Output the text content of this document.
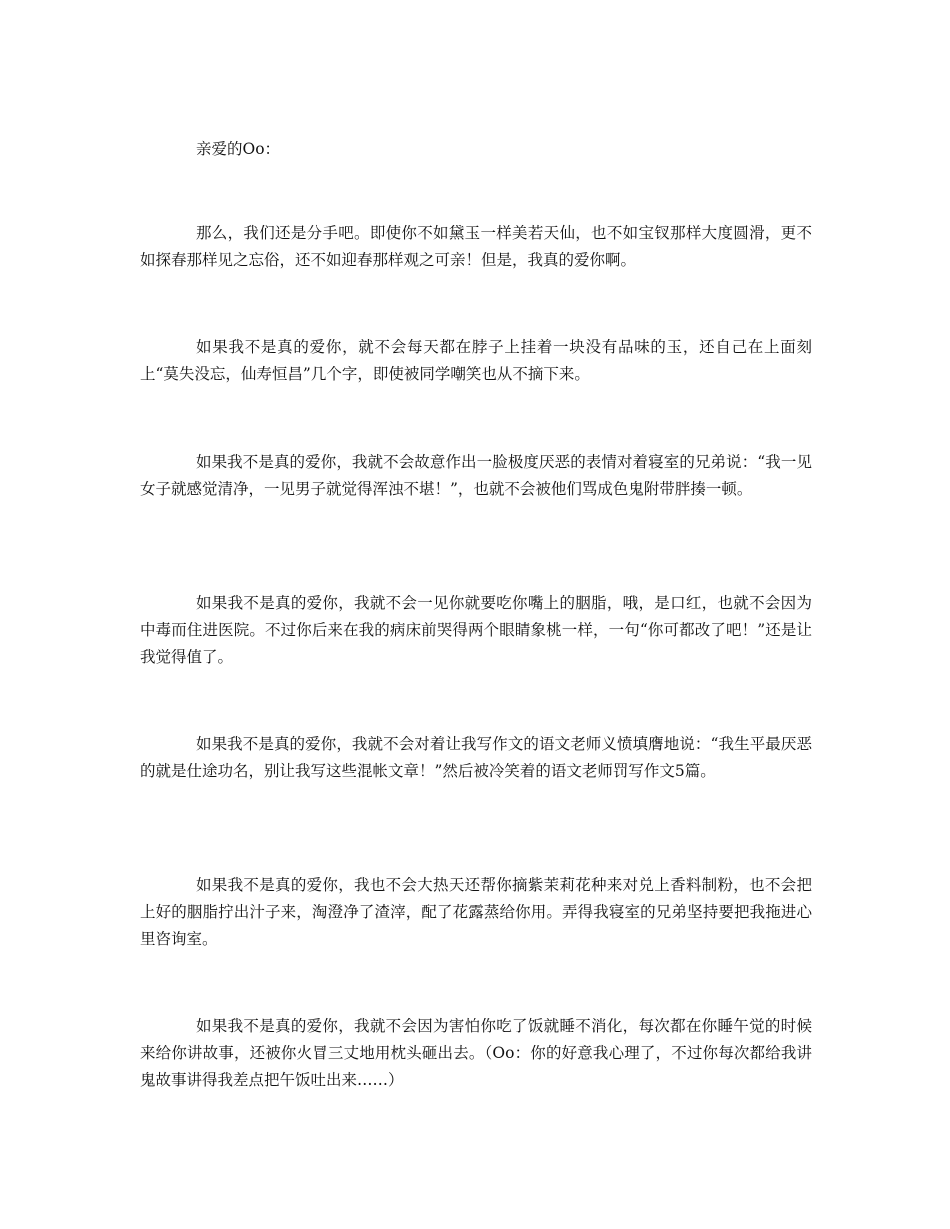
亲爱的Oo：

那么，我们还是分手吧。即使你不如黛玉一样美若天仙，也不如宝钗那样大度圆滑，更不如探春那样见之忘俗，还不如迎春那样观之可亲！但是，我真的爱你啊。

如果我不是真的爱你，就不会每天都在脖子上挂着一块没有品味的玉，还自己在上面刻上“莫失没忘，仙寿恒昌”几个字，即使被同学嘲笑也从不摘下来。

如果我不是真的爱你，我就不会故意作出一脸极度厌恶的表情对着寝室的兄弟说：“我一见女子就感觉清净，一见男子就觉得浑浊不堪！”，也就不会被他们骂成色鬼附带胖揍一顿。

如果我不是真的爱你，我就不会一见你就要吃你嘴上的胭脂，哦，是口红，也就不会因为中毒而住进医院。不过你后来在我的病床前哭得两个眼睛象桃一样，一句“你可都改了吧！”还是让我觉得值了。

如果我不是真的爱你，我就不会对着让我写作文的语文老师义愤填膺地说：“我生平最厌恶的就是仕途功名，别让我写这些混帐文章！”然后被冷笑着的语文老师罚写作文5篇。

如果我不是真的爱你，我也不会大热天还帮你摘紫茉莉花种来对兑上香料制粉，也不会把上好的胭脂拧出汁子来，淘澄净了渣滓，配了花露蒸给你用。弄得我寝室的兄弟坚持要把我拖进心里咨询室。

如果我不是真的爱你，我就不会因为害怕你吃了饭就睡不消化，每次都在你睡午觉的时候来给你讲故事，还被你火冒三丈地用枕头砸出去。（Oo：你的好意我心理了，不过你每次都给我讲鬼故事讲得我差点把午饭吐出来……）
